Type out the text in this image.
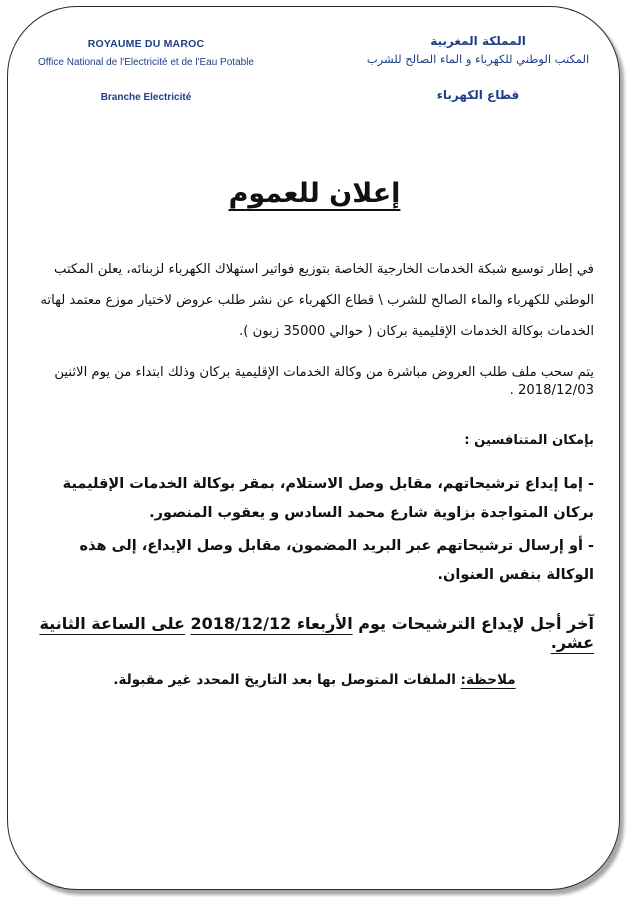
ROYAUME DU MAROC
Office National de l'Electricité et de l'Eau Potable
Branche Electricité
المملكة المغربية
المكتب الوطني للكهرباء و الماء الصالح للشرب
قطاع الكهرباء
إعلان للعموم
في إطار توسيع شبكة الخدمات الخارجية الخاصة بتوزيع فواتير استهلاك الكهرباء لزبنائه، يعلن المكتب الوطني للكهرباء والماء الصالح للشرب \ قطاع الكهرباء عن نشر طلب عروض لاختيار موزع معتمد لهاته الخدمات بوكالة الخدمات الإقليمية بركان ( حوالي 35000 زبون ).
يتم سحب ملف طلب العروض مباشرة من وكالة الخدمات الإقليمية بركان وذلك ابتداء من يوم الاثنين 2018/12/03 .
بإمكان المتنافسين :
- إما إيداع ترشيحاتهم، مقابل وصل الاستلام، بمقر بوكالة الخدمات الإقليمية بركان المتواجدة بزاوية شارع محمد السادس و يعقوب المنصور.
- أو إرسال ترشيحاتهم عبر البريد المضمون، مقابل وصل الإيداع، إلى هذه الوكالة بنفس العنوان.
آخر أجل لإيداع الترشيحات يوم الأربعاء 2018/12/12 على الساعة الثانية عشر.
ملاحظة: الملفات المتوصل بها بعد التاريخ المحدد غير مقبولة.
